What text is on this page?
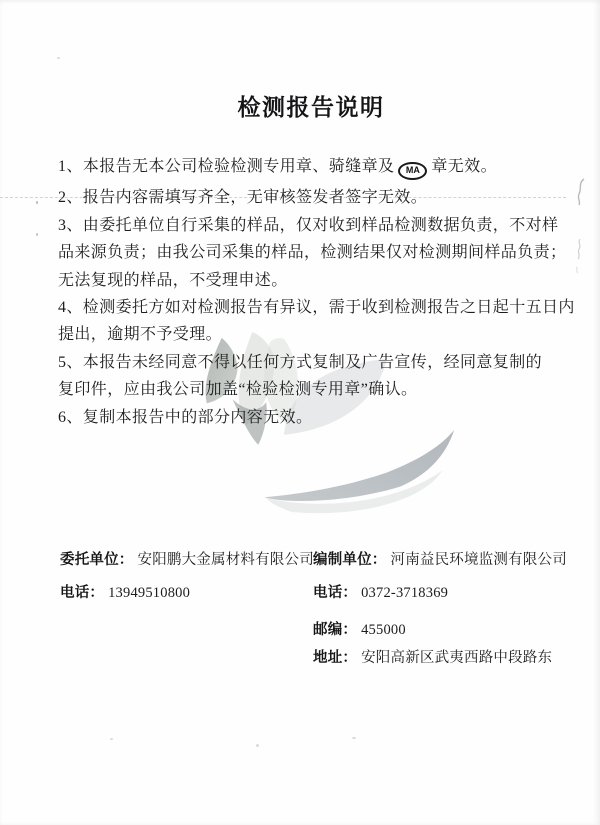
检测报告说明
1、本报告无本公司检验检测专用章、骑缝章及 MA 章无效。
2、报告内容需填写齐全，无审核签发者签字无效。
3、由委托单位自行采集的样品，仅对收到样品检测数据负责，不对样
品来源负责；由我公司采集的样品，检测结果仅对检测期间样品负责；
无法复现的样品，不受理申述。
4、检测委托方如对检测报告有异议，需于收到检测报告之日起十五日内
提出，逾期不予受理。
5、本报告未经同意不得以任何方式复制及广告宣传，经同意复制的
复印件，应由我公司加盖“检验检测专用章”确认。
6、复制本报告中的部分内容无效。
委托单位： 安阳鹏大金属材料有限公司
电话： 13949510800
编制单位： 河南益民环境监测有限公司
电话： 0372-3718369
邮编： 455000
地址： 安阳高新区武夷西路中段路东
